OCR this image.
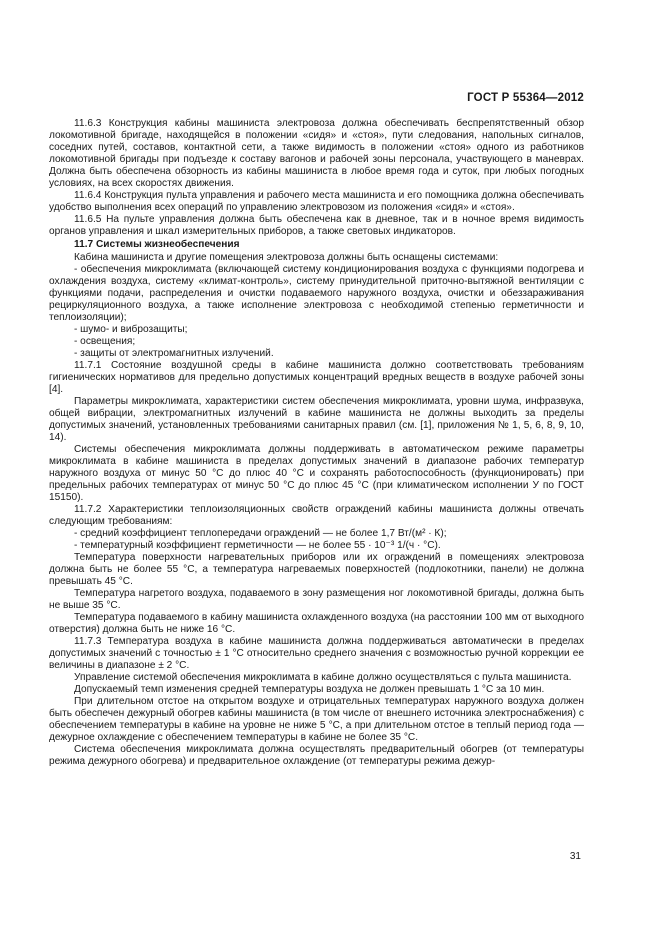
ГОСТ Р 55364—2012

11.6.3 Конструкция кабины машиниста электровоза должна обеспечивать беспрепятственный обзор локомотивной бригаде, находящейся в положении «сидя» и «стоя», пути следования, напольных сигналов, соседних путей, составов, контактной сети, а также видимость в положении «стоя» одного из работников локомотивной бригады при подъезде к составу вагонов и рабочей зоны персонала, участвующего в маневрах. Должна быть обеспечена обзорность из кабины машиниста в любое время года и суток, при любых погодных условиях, на всех скоростях движения.

11.6.4 Конструкция пульта управления и рабочего места машиниста и его помощника должна обеспечивать удобство выполнения всех операций по управлению электровозом из положения «сидя» и «стоя».

11.6.5 На пульте управления должна быть обеспечена как в дневное, так и в ночное время видимость органов управления и шкал измерительных приборов, а также световых индикаторов.

11.7 Системы жизнеобеспечения

Кабина машиниста и другие помещения электровоза должны быть оснащены системами:

- обеспечения микроклимата (включающей систему кондиционирования воздуха с функциями подогрева и охлаждения воздуха, систему «климат-контроль», систему принудительной приточно-вытяжной вентиляции с функциями подачи, распределения и очистки подаваемого наружного воздуха, очистки и обеззараживания рециркуляционного воздуха, а также исполнение электровоза с необходимой степенью герметичности и теплоизоляции);

- шумо- и виброзащиты;

- освещения;

- защиты от электромагнитных излучений.

11.7.1 Состояние воздушной среды в кабине машиниста должно соответствовать требованиям гигиенических нормативов для предельно допустимых концентраций вредных веществ в воздухе рабочей зоны [4].

Параметры микроклимата, характеристики систем обеспечения микроклимата, уровни шума, инфразвука, общей вибрации, электромагнитных излучений в кабине машиниста не должны выходить за пределы допустимых значений, установленных требованиями санитарных правил (см. [1], приложения № 1, 5, 6, 8, 9, 10, 14).

Системы обеспечения микроклимата должны поддерживать в автоматическом режиме параметры микроклимата в кабине машиниста в пределах допустимых значений в диапазоне рабочих температур наружного воздуха от минус 50 °С до плюс 40 °С и сохранять работоспособность (функционировать) при предельных рабочих температурах от минус 50 °С до плюс 45 °С (при климатическом исполнении У по ГОСТ 15150).

11.7.2 Характеристики теплоизоляционных свойств ограждений кабины машиниста должны отвечать следующим требованиям:

- средний коэффициент теплопередачи ограждений — не более 1,7 Вт/(м² · К);

- температурный коэффициент герметичности — не более 55 · 10⁻³ 1/(ч · °С).

Температура поверхности нагревательных приборов или их ограждений в помещениях электровоза должна быть не более 55 °С, а температура нагреваемых поверхностей (подлокотники, панели) не должна превышать 45 °С.

Температура нагретого воздуха, подаваемого в зону размещения ног локомотивной бригады, должна быть не выше 35 °С.

Температура подаваемого в кабину машиниста охлажденного воздуха (на расстоянии 100 мм от выходного отверстия) должна быть не ниже 16 °С.

11.7.3 Температура воздуха в кабине машиниста должна поддерживаться автоматически в пределах допустимых значений с точностью ± 1 °С относительно среднего значения с возможностью ручной коррекции ее величины в диапазоне ± 2 °С.

Управление системой обеспечения микроклимата в кабине должно осуществляться с пульта машиниста.

Допускаемый темп изменения средней температуры воздуха не должен превышать 1 °С за 10 мин.

При длительном отстое на открытом воздухе и отрицательных температурах наружного воздуха должен быть обеспечен дежурный обогрев кабины машиниста (в том числе от внешнего источника электроснабжения) с обеспечением температуры в кабине на уровне не ниже 5 °С, а при длительном отстое в теплый период года — дежурное охлаждение с обеспечением температуры в кабине не более 35 °С.

Система обеспечения микроклимата должна осуществлять предварительный обогрев (от температуры режима дежурного обогрева) и предварительное охлаждение (от температуры режима дежур-

31
